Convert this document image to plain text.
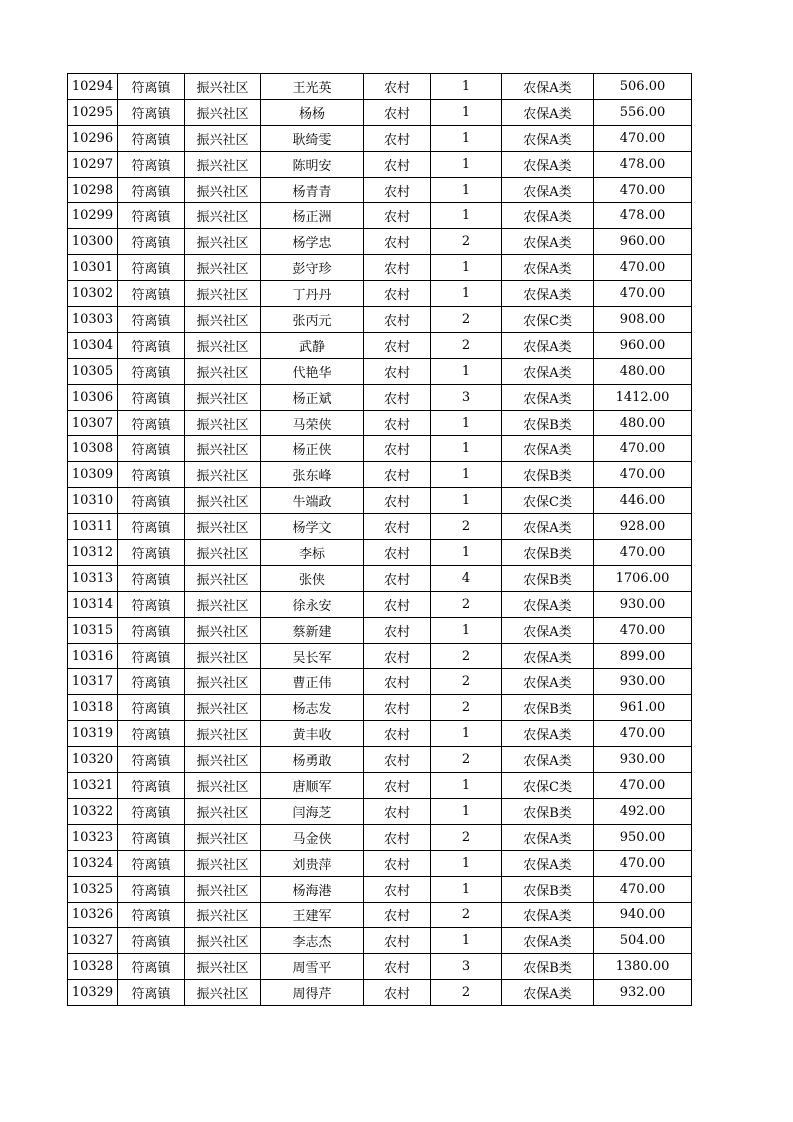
10294	符离镇	振兴社区	王光英	农村	1	农保A类	506.00
10295	符离镇	振兴社区	杨杨	农村	1	农保A类	556.00
10296	符离镇	振兴社区	耿绮雯	农村	1	农保A类	470.00
10297	符离镇	振兴社区	陈明安	农村	1	农保A类	478.00
10298	符离镇	振兴社区	杨青青	农村	1	农保A类	470.00
10299	符离镇	振兴社区	杨正洲	农村	1	农保A类	478.00
10300	符离镇	振兴社区	杨学忠	农村	2	农保A类	960.00
10301	符离镇	振兴社区	彭守珍	农村	1	农保A类	470.00
10302	符离镇	振兴社区	丁丹丹	农村	1	农保A类	470.00
10303	符离镇	振兴社区	张丙元	农村	2	农保C类	908.00
10304	符离镇	振兴社区	武静	农村	2	农保A类	960.00
10305	符离镇	振兴社区	代艳华	农村	1	农保A类	480.00
10306	符离镇	振兴社区	杨正斌	农村	3	农保A类	1412.00
10307	符离镇	振兴社区	马荣侠	农村	1	农保B类	480.00
10308	符离镇	振兴社区	杨正侠	农村	1	农保A类	470.00
10309	符离镇	振兴社区	张东峰	农村	1	农保B类	470.00
10310	符离镇	振兴社区	牛端政	农村	1	农保C类	446.00
10311	符离镇	振兴社区	杨学文	农村	2	农保A类	928.00
10312	符离镇	振兴社区	李标	农村	1	农保B类	470.00
10313	符离镇	振兴社区	张侠	农村	4	农保B类	1706.00
10314	符离镇	振兴社区	徐永安	农村	2	农保A类	930.00
10315	符离镇	振兴社区	蔡新建	农村	1	农保A类	470.00
10316	符离镇	振兴社区	吴长军	农村	2	农保A类	899.00
10317	符离镇	振兴社区	曹正伟	农村	2	农保A类	930.00
10318	符离镇	振兴社区	杨志发	农村	2	农保B类	961.00
10319	符离镇	振兴社区	黄丰收	农村	1	农保A类	470.00
10320	符离镇	振兴社区	杨勇敢	农村	2	农保A类	930.00
10321	符离镇	振兴社区	唐顺军	农村	1	农保C类	470.00
10322	符离镇	振兴社区	闫海芝	农村	1	农保B类	492.00
10323	符离镇	振兴社区	马金侠	农村	2	农保A类	950.00
10324	符离镇	振兴社区	刘贵萍	农村	1	农保A类	470.00
10325	符离镇	振兴社区	杨海港	农村	1	农保B类	470.00
10326	符离镇	振兴社区	王建军	农村	2	农保A类	940.00
10327	符离镇	振兴社区	李志杰	农村	1	农保A类	504.00
10328	符离镇	振兴社区	周雪平	农村	3	农保B类	1380.00
10329	符离镇	振兴社区	周得芹	农村	2	农保A类	932.00
